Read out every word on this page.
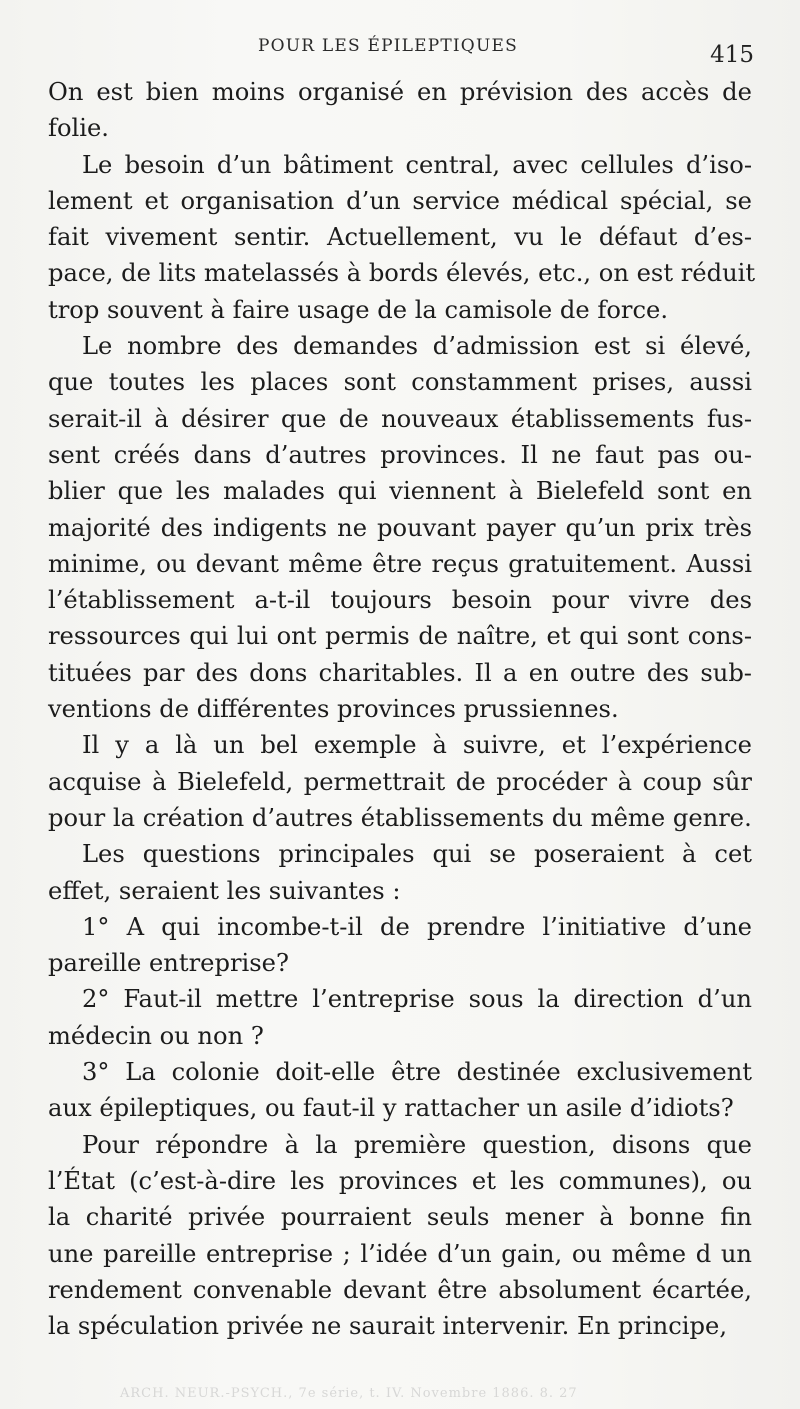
POUR LES ÉPILEPTIQUES	415
On est bien moins organisé en prévision des accès de
folie.
Le besoin d’un bâtiment central, avec cellules d’iso-
lement et organisation d’un service médical spécial, se
fait vivement sentir. Actuellement, vu le défaut d’es-
pace, de lits matelassés à bords élevés, etc., on est réduit
trop souvent à faire usage de la camisole de force.
Le nombre des demandes d’admission est si élevé,
que toutes les places sont constamment prises, aussi
serait-il à désirer que de nouveaux établissements fus-
sent créés dans d’autres provinces. Il ne faut pas ou-
blier que les malades qui viennent à Bielefeld sont en
majorité des indigents ne pouvant payer qu’un prix très
minime, ou devant même être reçus gratuitement. Aussi
l’établissement a-t-il toujours besoin pour vivre des
ressources qui lui ont permis de naître, et qui sont cons-
tituées par des dons charitables. Il a en outre des sub-
ventions de différentes provinces prussiennes.
Il y a là un bel exemple à suivre, et l’expérience
acquise à Bielefeld, permettrait de procéder à coup sûr
pour la création d’autres établissements du même genre.
Les questions principales qui se poseraient à cet
effet, seraient les suivantes :
1° A qui incombe-t-il de prendre l’initiative d’une
pareille entreprise?
2° Faut-il mettre l’entreprise sous la direction d’un
médecin ou non ?
3° La colonie doit-elle être destinée exclusivement
aux épileptiques, ou faut-il y rattacher un asile d’idiots?
Pour répondre à la première question, disons que
l’État (c’est-à-dire les provinces et les communes), ou
la charité privée pourraient seuls mener à bonne fin
une pareille entreprise ; l’idée d’un gain, ou même d un
rendement convenable devant être absolument écartée,
la spéculation privée ne saurait intervenir. En principe,
ARCH. NEUR.-PSYCH., 7e série, t. IV. Novembre 1886. 8. 27
